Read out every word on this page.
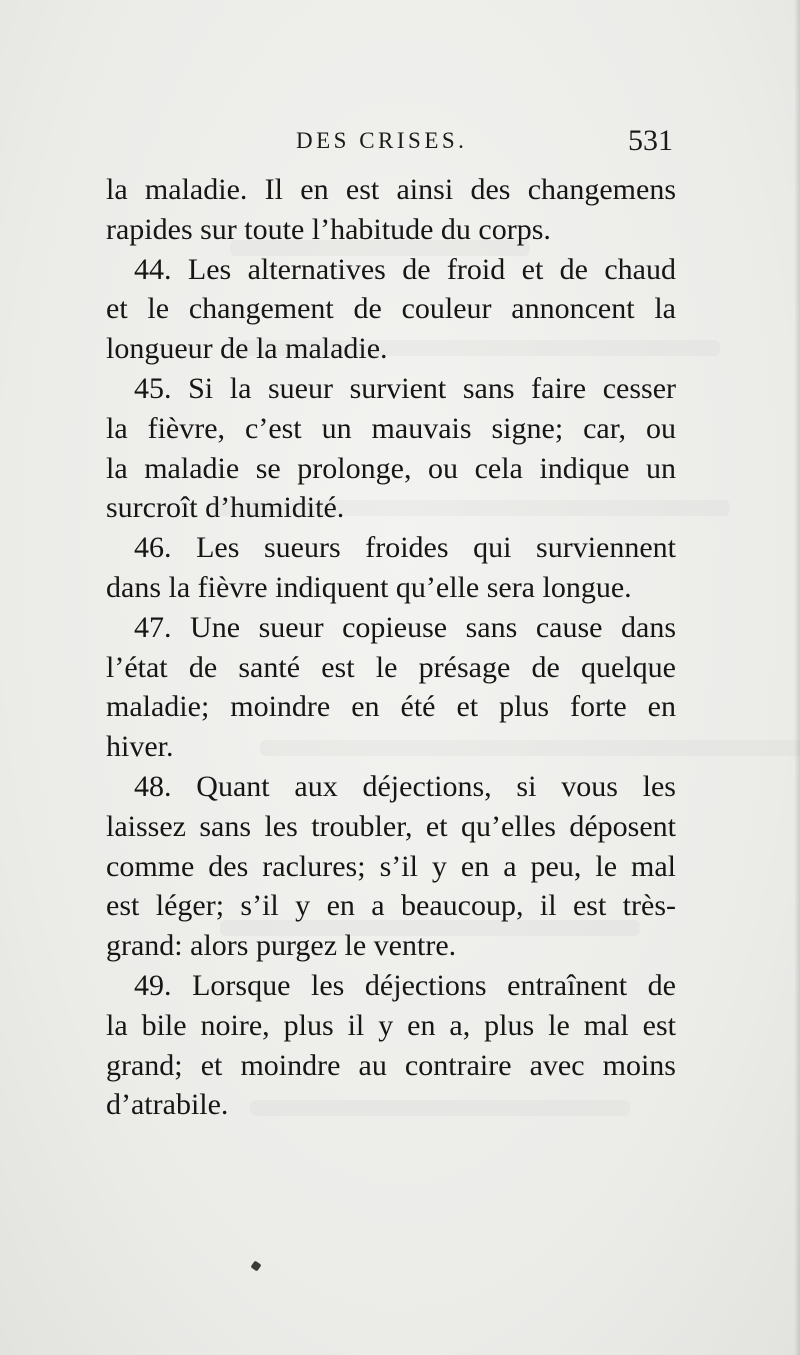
DES CRISES.	531
la maladie. Il en est ainsi des changemens
rapides sur toute l’habitude du corps.
44. Les alternatives de froid et de chaud
et le changement de couleur annoncent la
longueur de la maladie.
45. Si la sueur survient sans faire cesser
la fièvre, c’est un mauvais signe; car, ou
la maladie se prolonge, ou cela indique un
surcroît d’humidité.
46. Les sueurs froides qui surviennent
dans la fièvre indiquent qu’elle sera longue.
47. Une sueur copieuse sans cause dans
l’état de santé est le présage de quelque
maladie; moindre en été et plus forte en
hiver.
48. Quant aux déjections, si vous les
laissez sans les troubler, et qu’elles déposent
comme des raclures; s’il y en a peu, le mal
est léger; s’il y en a beaucoup, il est très-
grand: alors purgez le ventre.
49. Lorsque les déjections entraînent de
la bile noire, plus il y en a, plus le mal est
grand; et moindre au contraire avec moins
d’atrabile.
